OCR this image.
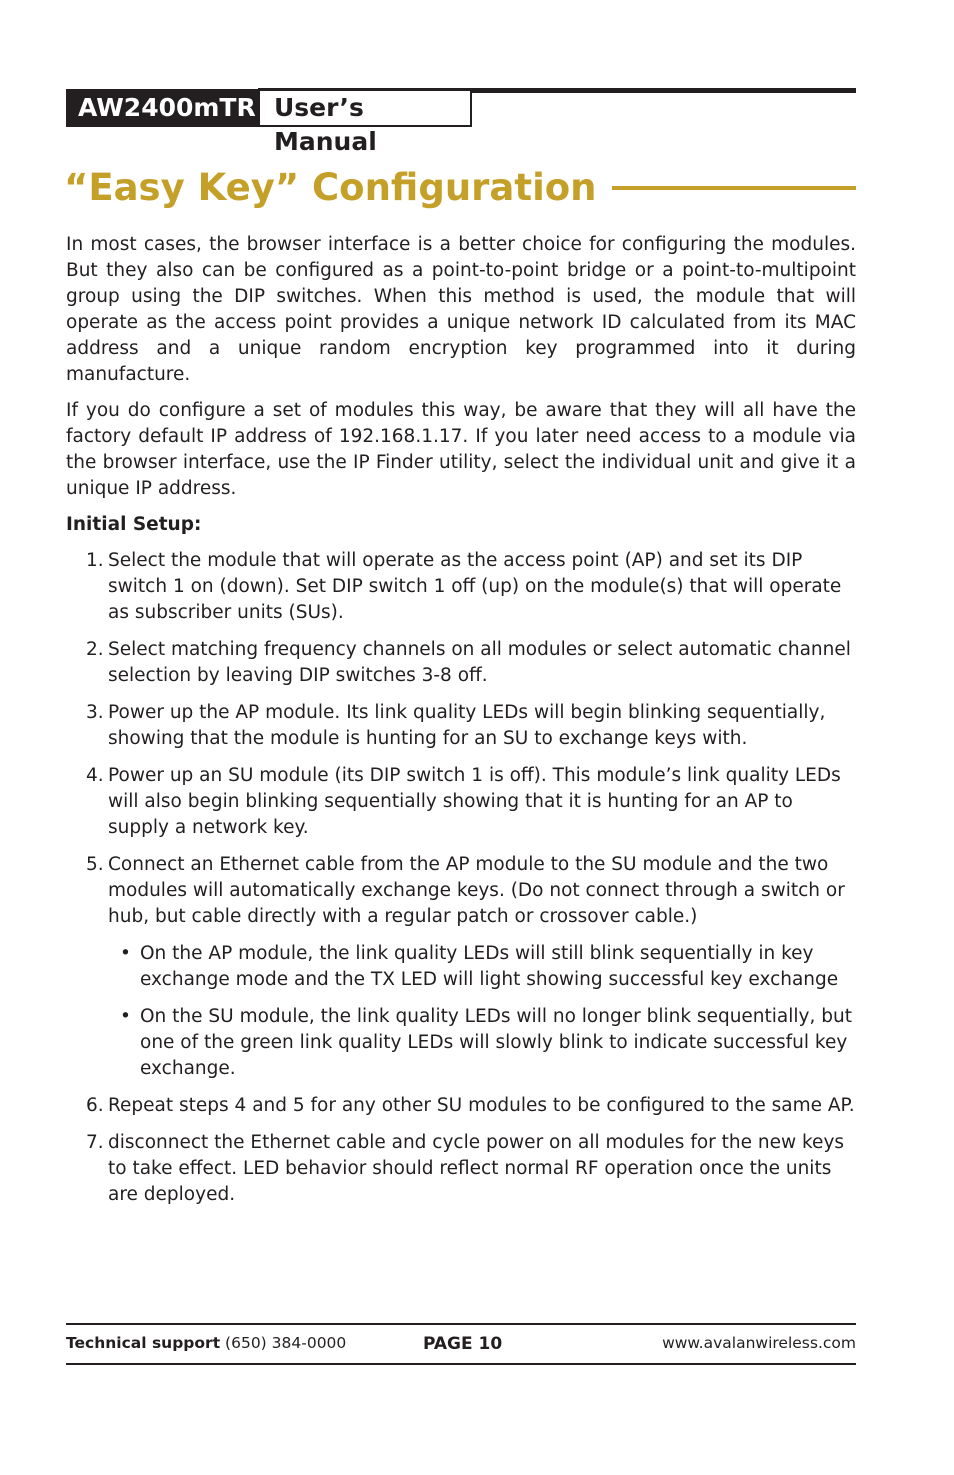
AW2400mTR User’s Manual
“Easy Key” Configuration

In most cases, the browser interface is a better choice for configuring the modules. But they also can be configured as a point-to-point bridge or a point-to-multipoint group using the DIP switches. When this method is used, the module that will operate as the access point provides a unique network ID calculated from its MAC address and a unique random encryption key programmed into it during manufacture.

If you do configure a set of modules this way, be aware that they will all have the factory default IP address of 192.168.1.17. If you later need access to a module via the browser interface, use the IP Finder utility, select the individual unit and give it a unique IP address.

Initial Setup:

1. Select the module that will operate as the access point (AP) and set its DIP switch 1 on (down). Set DIP switch 1 off (up) on the module(s) that will operate as subscriber units (SUs).
2. Select matching frequency channels on all modules or select automatic channel selection by leaving DIP switches 3-8 off.
3. Power up the AP module. Its link quality LEDs will begin blinking sequentially, showing that the module is hunting for an SU to exchange keys with.
4. Power up an SU module (its DIP switch 1 is off). This module’s link quality LEDs will also begin blinking sequentially showing that it is hunting for an AP to supply a network key.
5. Connect an Ethernet cable from the AP module to the SU module and the two modules will automatically exchange keys. (Do not connect through a switch or hub, but cable directly with a regular patch or crossover cable.)
• On the AP module, the link quality LEDs will still blink sequentially in key exchange mode and the TX LED will light showing successful key exchange
• On the SU module, the link quality LEDs will no longer blink sequentially, but one of the green link quality LEDs will slowly blink to indicate successful key exchange.
6. Repeat steps 4 and 5 for any other SU modules to be configured to the same AP.
7. disconnect the Ethernet cable and cycle power on all modules for the new keys to take effect. LED behavior should reflect normal RF operation once the units are deployed.
Technical support (650) 384-0000	PAGE 10	www.avalanwireless.com
